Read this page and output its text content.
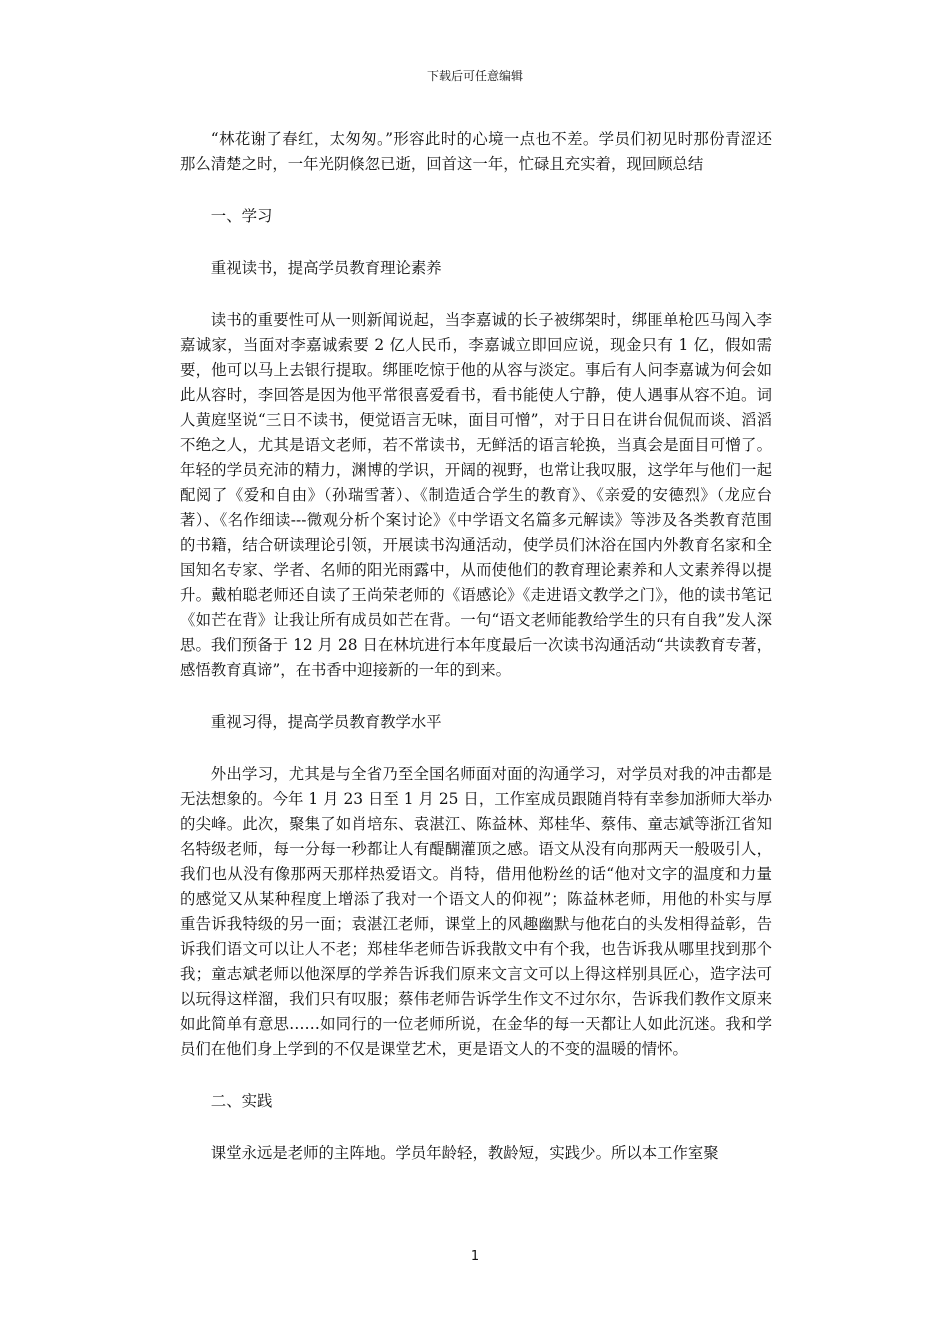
下载后可任意编辑

“林花谢了春红，太匆匆。”形容此时的心境一点也不差。学员们初见时那份青涩还那么清楚之时，一年光阴倏忽已逝，回首这一年，忙碌且充实着，现回顾总结

一、学习

重视读书，提高学员教育理论素养

读书的重要性可从一则新闻说起，当李嘉诚的长子被绑架时，绑匪单枪匹马闯入李嘉诚家，当面对李嘉诚索要 2 亿人民币，李嘉诚立即回应说，现金只有 1 亿，假如需要，他可以马上去银行提取。绑匪吃惊于他的从容与淡定。事后有人问李嘉诚为何会如此从容时，李回答是因为他平常很喜爱看书，看书能使人宁静，使人遇事从容不迫。词人黄庭坚说“三日不读书，便觉语言无味，面目可憎”，对于日日在讲台侃侃而谈、滔滔不绝之人，尤其是语文老师，若不常读书，无鲜活的语言轮换，当真会是面目可憎了。年轻的学员充沛的精力，渊博的学识，开阔的视野，也常让我叹服，这学年与他们一起配阅了《爱和自由》（孙瑞雪著）、《制造适合学生的教育》、《亲爱的安德烈》（龙应台著）、《名作细读---微观分析个案讨论》《中学语文名篇多元解读》等涉及各类教育范围的书籍，结合研读理论引领，开展读书沟通活动，使学员们沐浴在国内外教育名家和全国知名专家、学者、名师的阳光雨露中，从而使他们的教育理论素养和人文素养得以提升。戴柏聪老师还自读了王尚荣老师的《语感论》《走进语文教学之门》，他的读书笔记《如芒在背》让我让所有成员如芒在背。一句“语文老师能教给学生的只有自我”发人深思。我们预备于 12 月 28 日在林坑进行本年度最后一次读书沟通活动“共读教育专著，感悟教育真谛”，在书香中迎接新的一年的到来。

重视习得，提高学员教育教学水平

外出学习，尤其是与全省乃至全国名师面对面的沟通学习，对学员对我的冲击都是无法想象的。今年 1 月 23 日至 1 月 25 日，工作室成员跟随肖特有幸参加浙师大举办的尖峰。此次，聚集了如肖培东、袁湛江、陈益林、郑桂华、蔡伟、童志斌等浙江省知名特级老师，每一分每一秒都让人有醍醐灌顶之感。语文从没有向那两天一般吸引人，我们也从没有像那两天那样热爱语文。肖特，借用他粉丝的话“他对文字的温度和力量的感觉又从某种程度上增添了我对一个语文人的仰视”；陈益林老师，用他的朴实与厚重告诉我特级的另一面；袁湛江老师，课堂上的风趣幽默与他花白的头发相得益彰，告诉我们语文可以让人不老；郑桂华老师告诉我散文中有个我，也告诉我从哪里找到那个我；童志斌老师以他深厚的学养告诉我们原来文言文可以上得这样别具匠心，造字法可以玩得这样溜，我们只有叹服；蔡伟老师告诉学生作文不过尔尔，告诉我们教作文原来如此简单有意思……如同行的一位老师所说，在金华的每一天都让人如此沉迷。我和学员们在他们身上学到的不仅是课堂艺术，更是语文人的不变的温暖的情怀。

二、实践

课堂永远是老师的主阵地。学员年龄轻，教龄短，实践少。所以本工作室聚

1
